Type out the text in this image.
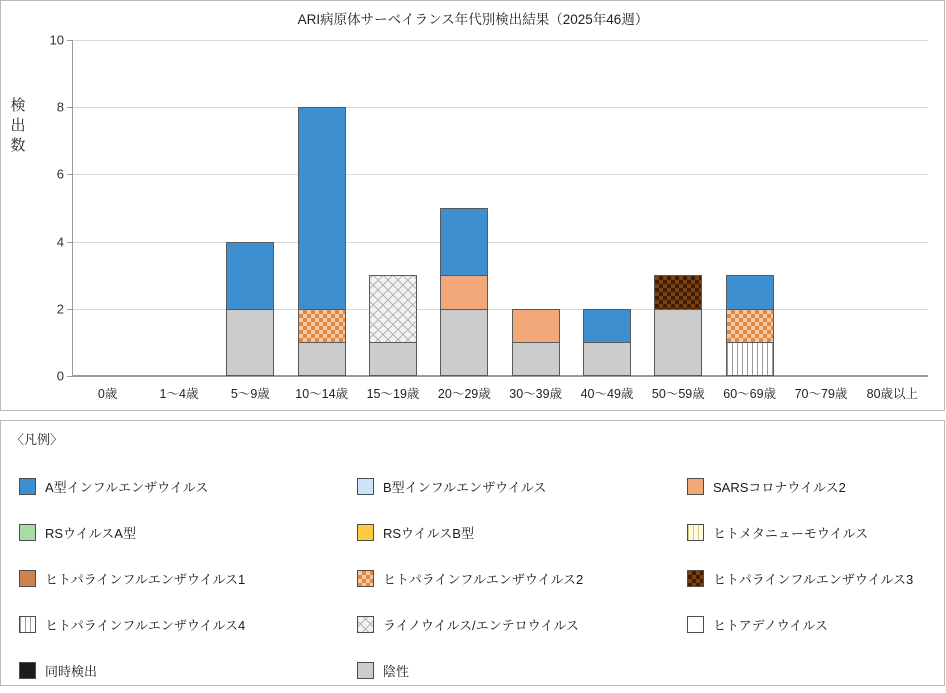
ARI病原体サーベイランス年代別検出結果（2025年46週）
検出数
0
2
4
6
8
10
0歳	1〜4歳	5〜9歳 10〜14歳 15〜19歳 20〜29歳 30〜39歳 40〜49歳 50〜59歳 60〜69歳 70〜79歳 80歳以上
〈凡例〉
A型インフルエンザウイルス	B型インフルエンザウイルス	SARSコロナウイルス2
RSウイルスA型	RSウイルスB型	ヒトメタニューモウイルス
ヒトパラインフルエンザウイルス1	ヒトパラインフルエンザウイルス2	ヒトパラインフルエンザウイルス3
ヒトパラインフルエンザウイルス4	ライノウイルス/エンテロウイルス	ヒトアデノウイルス
同時検出	陰性
